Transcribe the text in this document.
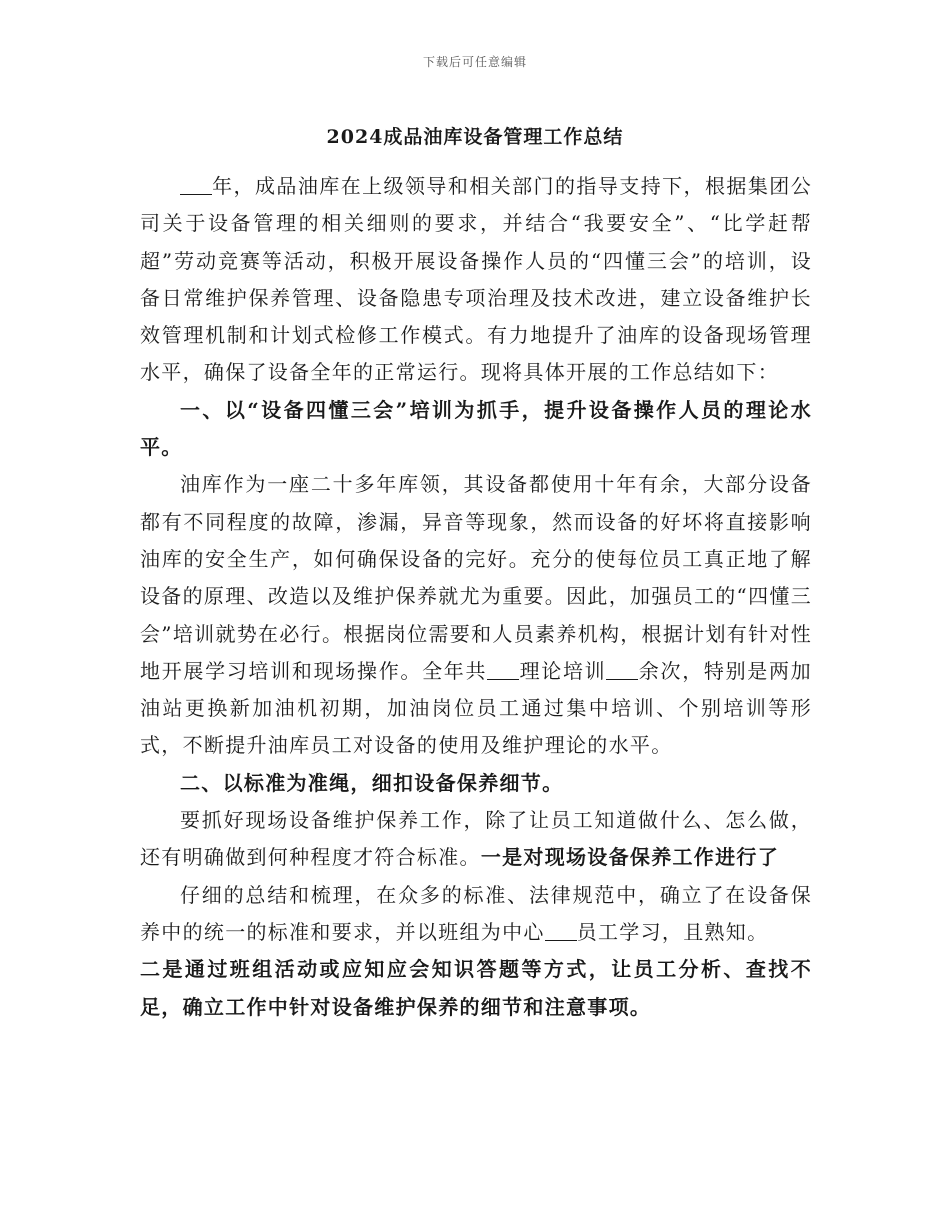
下载后可任意编辑
2024成品油库设备管理工作总结

年，成品油库在上级领导和相关部门的指导支持下，根据集团公司关于设备管理的相关细则的要求，并结合“我要安全”、“比学赶帮超”劳动竞赛等活动，积极开展设备操作人员的“四懂三会”的培训，设备日常维护保养管理、设备隐患专项治理及技术改进，建立设备维护长效管理机制和计划式检修工作模式。有力地提升了油库的设备现场管理水平，确保了设备全年的正常运行。现将具体开展的工作总结如下：

一、以“设备四懂三会”培训为抓手，提升设备操作人员的理论水平。

油库作为一座二十多年库领，其设备都使用十年有余，大部分设备都有不同程度的故障，渗漏，异音等现象，然而设备的好坏将直接影响油库的安全生产，如何确保设备的完好。充分的使每位员工真正地了解设备的原理、改造以及维护保养就尤为重要。因此，加强员工的“四懂三会”培训就势在必行。根据岗位需要和人员素养机构，根据计划有针对性地开展学习培训和现场操作。全年共 理论培训 余次，特别是两加油站更换新加油机初期，加油岗位员工通过集中培训、个别培训等形式，不断提升油库员工对设备的使用及维护理论的水平。

二、以标准为准绳，细扣设备保养细节。

要抓好现场设备维护保养工作，除了让员工知道做什么、怎么做，还有明确做到何种程度才符合标准。一是对现场设备保养工作进行了

仔细的总结和梳理，在众多的标准、法律规范中，确立了在设备保养中的统一的标准和要求，并以班组为中心 员工学习，且熟知。

二是通过班组活动或应知应会知识答题等方式，让员工分析、查找不足，确立工作中针对设备维护保养的细节和注意事项。
